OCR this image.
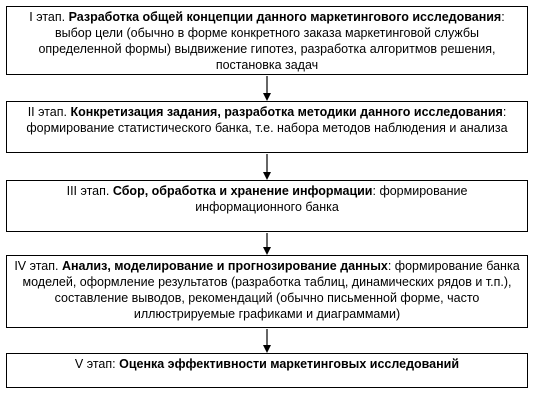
I этап. Разработка общей концепции данного маркетингового исследования: выбор цели (обычно в форме конкретного заказа маркетинговой службы определенной формы) выдвижение гипотез, разработка алгоритмов решения, постановка задач
II этап. Конкретизация задания, разработка методики данного исследования: формирование статистического банка, т.е. набора методов наблюдения и анализа
III этап. Сбор, обработка и хранение информации: формирование информационного банка
IV этап. Анализ, моделирование и прогнозирование данных: формирование банка моделей, оформление результатов (разработка таблиц, динамических рядов и т.п.), составление выводов, рекомендаций (обычно письменной форме, часто иллюстрируемые графиками и диаграммами)
V этап: Оценка эффективности маркетинговых исследований
